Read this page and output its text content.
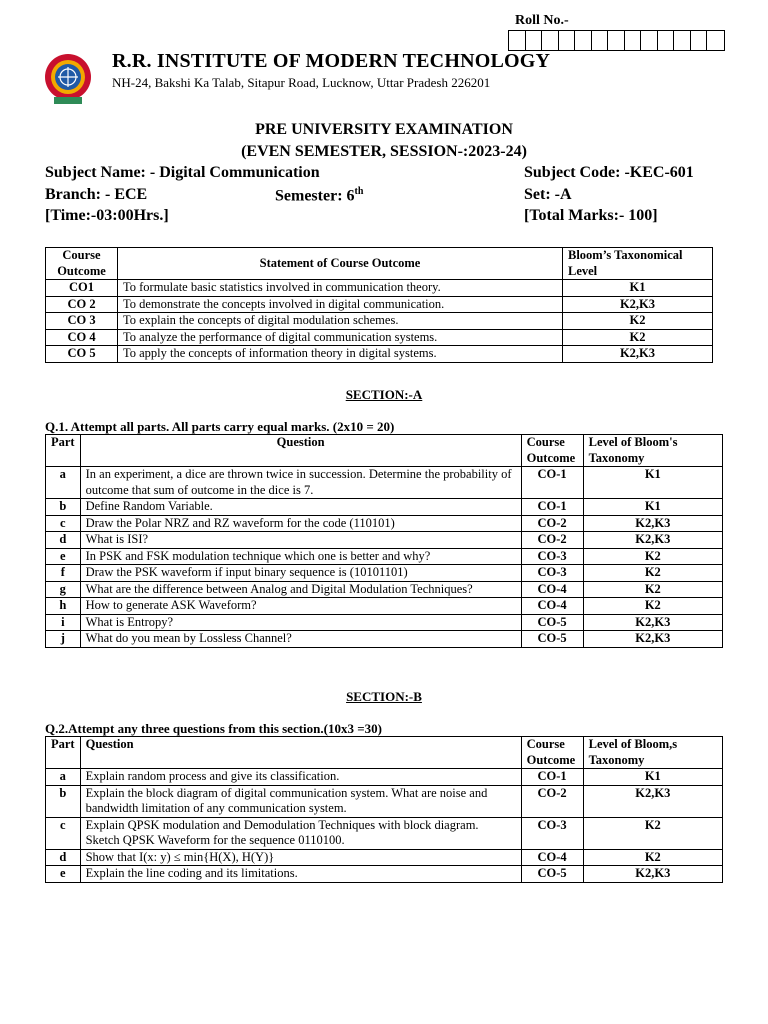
Roll No.-
R.R. INSTITUTE OF MODERN TECHNOLOGY
NH-24, Bakshi Ka Talab, Sitapur Road, Lucknow, Uttar Pradesh 226201
PRE UNIVERSITY EXAMINATION
(EVEN SEMESTER, SESSION-:2023-24)
Subject Name: - Digital Communication	Subject Code: -KEC-601
Branch: - ECE	Semester: 6th	Set: -A
[Time:-03:00Hrs.]	[Total Marks:- 100]
Course Outcome	Statement of Course Outcome	Bloom’s Taxonomical Level
CO1	To formulate basic statistics involved in communication theory.	K1
CO 2	To demonstrate the concepts involved in digital communication.	K2,K3
CO 3	To explain the concepts of digital modulation schemes.	K2
CO 4	To analyze the performance of digital communication systems.	K2
CO 5	To apply the concepts of information theory in digital systems.	K2,K3
SECTION:-A
Q.1. Attempt all parts. All parts carry equal marks. (2x10 = 20)
Part	Question	Course Outcome	Level of Bloom's Taxonomy
a	In an experiment, a dice are thrown twice in succession. Determine the probability of outcome that sum of outcome in the dice is 7.	CO-1	K1
b	Define Random Variable.	CO-1	K1
c	Draw the Polar NRZ and RZ waveform for the code (110101)	CO-2	K2,K3
d	What is ISI?	CO-2	K2,K3
e	In PSK and FSK modulation technique which one is better and why?	CO-3	K2
f	Draw the PSK waveform if input binary sequence is (10101101)	CO-3	K2
g	What are the difference between Analog and Digital Modulation Techniques?	CO-4	K2
h	How to generate ASK Waveform?	CO-4	K2
i	What is Entropy?	CO-5	K2,K3
j	What do you mean by Lossless Channel?	CO-5	K2,K3
SECTION:-B
Q.2.Attempt any three questions from this section.(10x3 =30)
Part	Question	Course Outcome	Level of Bloom,s Taxonomy
a	Explain random process and give its classification.	CO-1	K1
b	Explain the block diagram of digital communication system. What are noise and bandwidth limitation of any communication system.	CO-2	K2,K3
c	Explain QPSK modulation and Demodulation Techniques with block diagram. Sketch QPSK Waveform for the sequence 0110100.	CO-3	K2
d	Show that I(x: y) ≤ min{H(X), H(Y)}	CO-4	K2
e	Explain the line coding and its limitations.	CO-5	K2,K3
